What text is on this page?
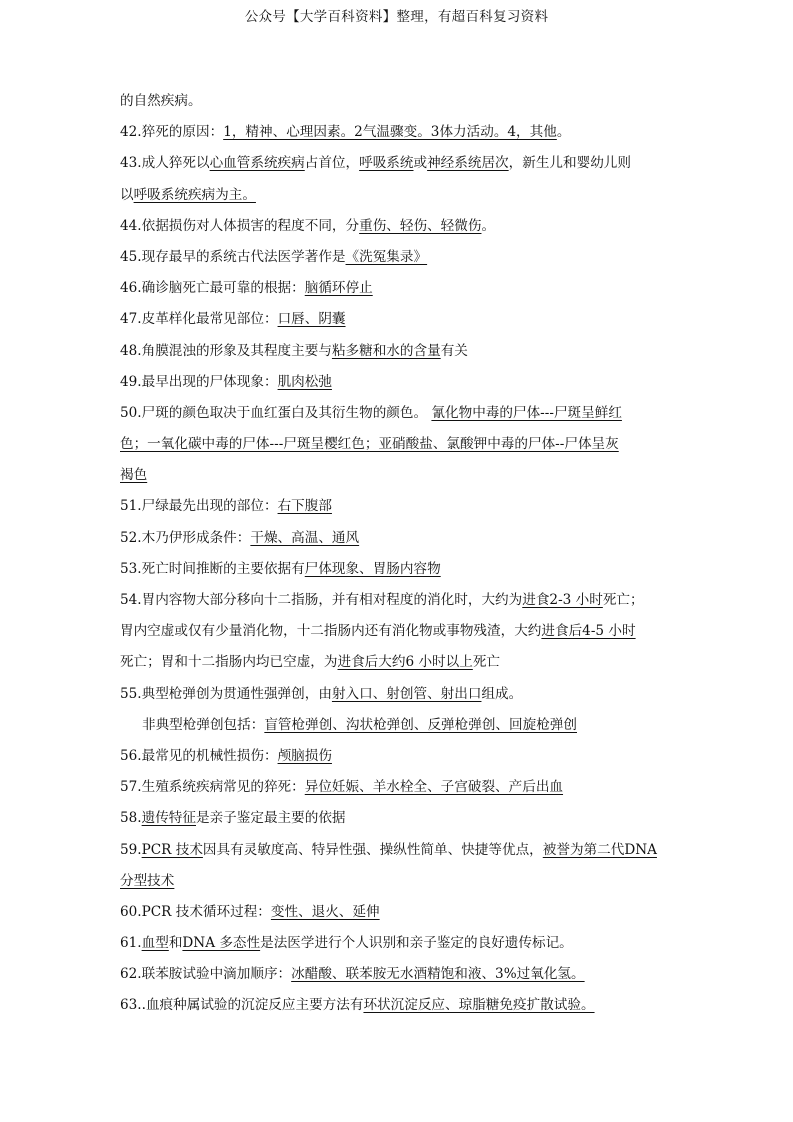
公众号【大学百科资料】整理，有超百科复习资料
的自然疾病。
42.猝死的原因：1，精神、心理因素。2气温骤变。3体力活动。4，其他。
43.成人猝死以心血管系统疾病占首位，呼吸系统或神经系统居次，新生儿和婴幼儿则
以呼吸系统疾病为主。
44.依据损伤对人体损害的程度不同，分重伤、轻伤、轻微伤。
45.现存最早的系统古代法医学著作是《洗冤集录》
46.确诊脑死亡最可靠的根据：脑循环停止
47.皮革样化最常见部位：口唇、阴囊
48.角膜混浊的形象及其程度主要与粘多糖和水的含量有关
49.最早出现的尸体现象：肌肉松弛
50.尸斑的颜色取决于血红蛋白及其衍生物的颜色。 氰化物中毒的尸体---尸斑呈鲜红
色；一氧化碳中毒的尸体---尸斑呈樱红色；亚硝酸盐、氯酸钾中毒的尸体--尸体呈灰
褐色
51.尸绿最先出现的部位：右下腹部
52.木乃伊形成条件：干燥、高温、通风
53.死亡时间推断的主要依据有尸体现象、胃肠内容物
54.胃内容物大部分移向十二指肠，并有相对程度的消化时，大约为进食2-3 小时死亡；
胃内空虚或仅有少量消化物，十二指肠内还有消化物或事物残渣，大约进食后4-5 小时
死亡；胃和十二指肠内均已空虚，为进食后大约6 小时以上死亡
55.典型枪弹创为贯通性强弹创，由射入口、射创管、射出口组成。
非典型枪弹创包括：盲管枪弹创、沟状枪弹创、反弹枪弹创、回旋枪弹创
56.最常见的机械性损伤：颅脑损伤
57.生殖系统疾病常见的猝死：异位妊娠、羊水栓全、子宫破裂、产后出血
58.遗传特征是亲子鉴定最主要的依据
59.PCR 技术因具有灵敏度高、特异性强、操纵性简单、快捷等优点，被誉为第二代DNA
分型技术
60.PCR 技术循环过程：变性、退火、延伸
61.血型和DNA 多态性是法医学进行个人识别和亲子鉴定的良好遗传标记。
62.联苯胺试验中滴加顺序：冰醋酸、联苯胺无水酒精饱和液、3%过氧化氢。
63..血痕种属试验的沉淀反应主要方法有环状沉淀反应、琼脂糖免疫扩散试验。
